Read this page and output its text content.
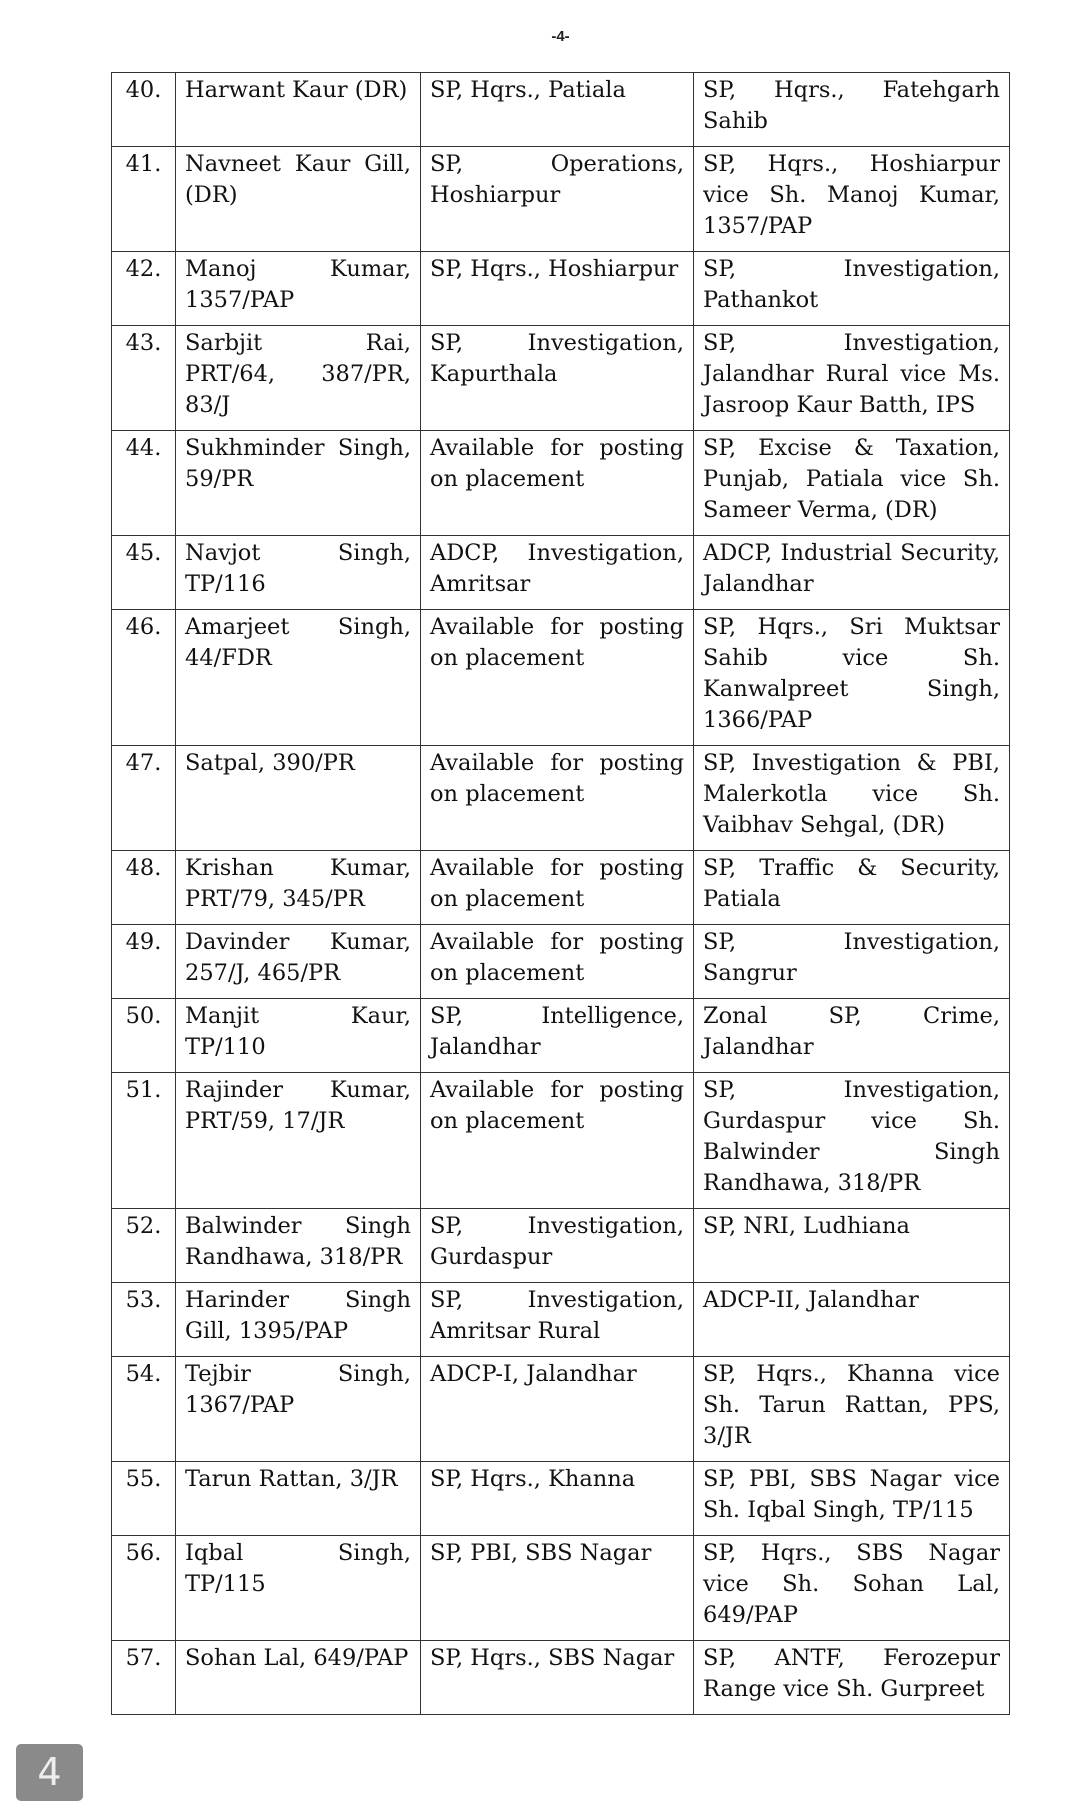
-4-
40.	Harwant Kaur (DR)	SP, Hqrs., Patiala	SP, Hqrs., Fatehgarh Sahib
41.	Navneet Kaur Gill, (DR)	SP, Operations, Hoshiarpur	SP, Hqrs., Hoshiarpur vice Sh. Manoj Kumar, 1357/PAP
42.	Manoj Kumar, 1357/PAP	SP, Hqrs., Hoshiarpur	SP, Investigation, Pathankot
43.	Sarbjit Rai, PRT/64, 387/PR, 83/J	SP, Investigation, Kapurthala	SP, Investigation, Jalandhar Rural vice Ms. Jasroop Kaur Batth, IPS
44.	Sukhminder Singh, 59/PR	Available for posting on placement	SP, Excise & Taxation, Punjab, Patiala vice Sh. Sameer Verma, (DR)
45.	Navjot Singh, TP/116	ADCP, Investigation, Amritsar	ADCP, Industrial Security, Jalandhar
46.	Amarjeet Singh, 44/FDR	Available for posting on placement	SP, Hqrs., Sri Muktsar Sahib vice Sh. Kanwalpreet Singh, 1366/PAP
47.	Satpal, 390/PR	Available for posting on placement	SP, Investigation & PBI, Malerkotla vice Sh. Vaibhav Sehgal, (DR)
48.	Krishan Kumar, PRT/79, 345/PR	Available for posting on placement	SP, Traffic & Security, Patiala
49.	Davinder Kumar, 257/J, 465/PR	Available for posting on placement	SP, Investigation, Sangrur
50.	Manjit Kaur, TP/110	SP, Intelligence, Jalandhar	Zonal SP, Crime, Jalandhar
51.	Rajinder Kumar, PRT/59, 17/JR	Available for posting on placement	SP, Investigation, Gurdaspur vice Sh. Balwinder Singh Randhawa, 318/PR
52.	Balwinder Singh Randhawa, 318/PR	SP, Investigation, Gurdaspur	SP, NRI, Ludhiana
53.	Harinder Singh Gill, 1395/PAP	SP, Investigation, Amritsar Rural	ADCP-II, Jalandhar
54.	Tejbir Singh, 1367/PAP	ADCP-I, Jalandhar	SP, Hqrs., Khanna vice Sh. Tarun Rattan, PPS, 3/JR
55.	Tarun Rattan, 3/JR	SP, Hqrs., Khanna	SP, PBI, SBS Nagar vice Sh. Iqbal Singh, TP/115
56.	Iqbal Singh, TP/115	SP, PBI, SBS Nagar	SP, Hqrs., SBS Nagar vice Sh. Sohan Lal, 649/PAP
57.	Sohan Lal, 649/PAP	SP, Hqrs., SBS Nagar	SP, ANTF, Ferozepur Range vice Sh. Gurpreet
4
